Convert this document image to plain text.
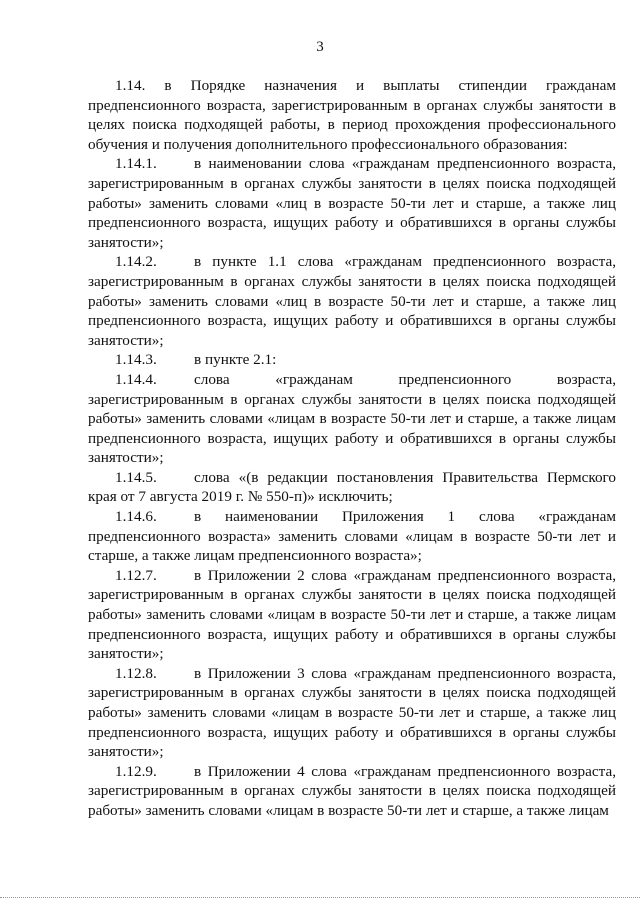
3

1.14. в Порядке назначения и выплаты стипендии гражданам предпенсионного возраста, зарегистрированным в органах службы занятости в целях поиска подходящей работы, в период прохождения профессионального обучения и получения дополнительного профессионального образования:

1.14.1. в наименовании слова «гражданам предпенсионного возраста, зарегистрированным в органах службы занятости в целях поиска подходящей работы» заменить словами «лиц в возрасте 50-ти лет и старше, а также лиц предпенсионного возраста, ищущих работу и обратившихся в органы службы занятости»;

1.14.2. в пункте 1.1 слова «гражданам предпенсионного возраста, зарегистрированным в органах службы занятости в целях поиска подходящей работы» заменить словами «лиц в возрасте 50-ти лет и старше, а также лиц предпенсионного возраста, ищущих работу и обратившихся в органы службы занятости»;

1.14.3. в пункте 2.1:

1.14.4. слова «гражданам предпенсионного возраста, зарегистрированным в органах службы занятости в целях поиска подходящей работы» заменить словами «лицам в возрасте 50-ти лет и старше, а также лицам предпенсионного возраста, ищущих работу и обратившихся в органы службы занятости»;

1.14.5. слова «(в редакции постановления Правительства Пермского края от 7 августа 2019 г. № 550-п)» исключить;

1.14.6. в наименовании Приложения 1 слова «гражданам предпенсионного возраста» заменить словами «лицам в возрасте 50-ти лет и старше, а также лицам предпенсионного возраста»;

1.12.7. в Приложении 2 слова «гражданам предпенсионного возраста, зарегистрированным в органах службы занятости в целях поиска подходящей работы» заменить словами «лицам в возрасте 50-ти лет и старше, а также лицам предпенсионного возраста, ищущих работу и обратившихся в органы службы занятости»;

1.12.8. в Приложении 3 слова «гражданам предпенсионного возраста, зарегистрированным в органах службы занятости в целях поиска подходящей работы» заменить словами «лицам в возрасте 50-ти лет и старше, а также лиц предпенсионного возраста, ищущих работу и обратившихся в органы службы занятости»;

1.12.9. в Приложении 4 слова «гражданам предпенсионного возраста, зарегистрированным в органах службы занятости в целях поиска подходящей работы» заменить словами «лицам в возрасте 50-ти лет и старше, а также лицам
